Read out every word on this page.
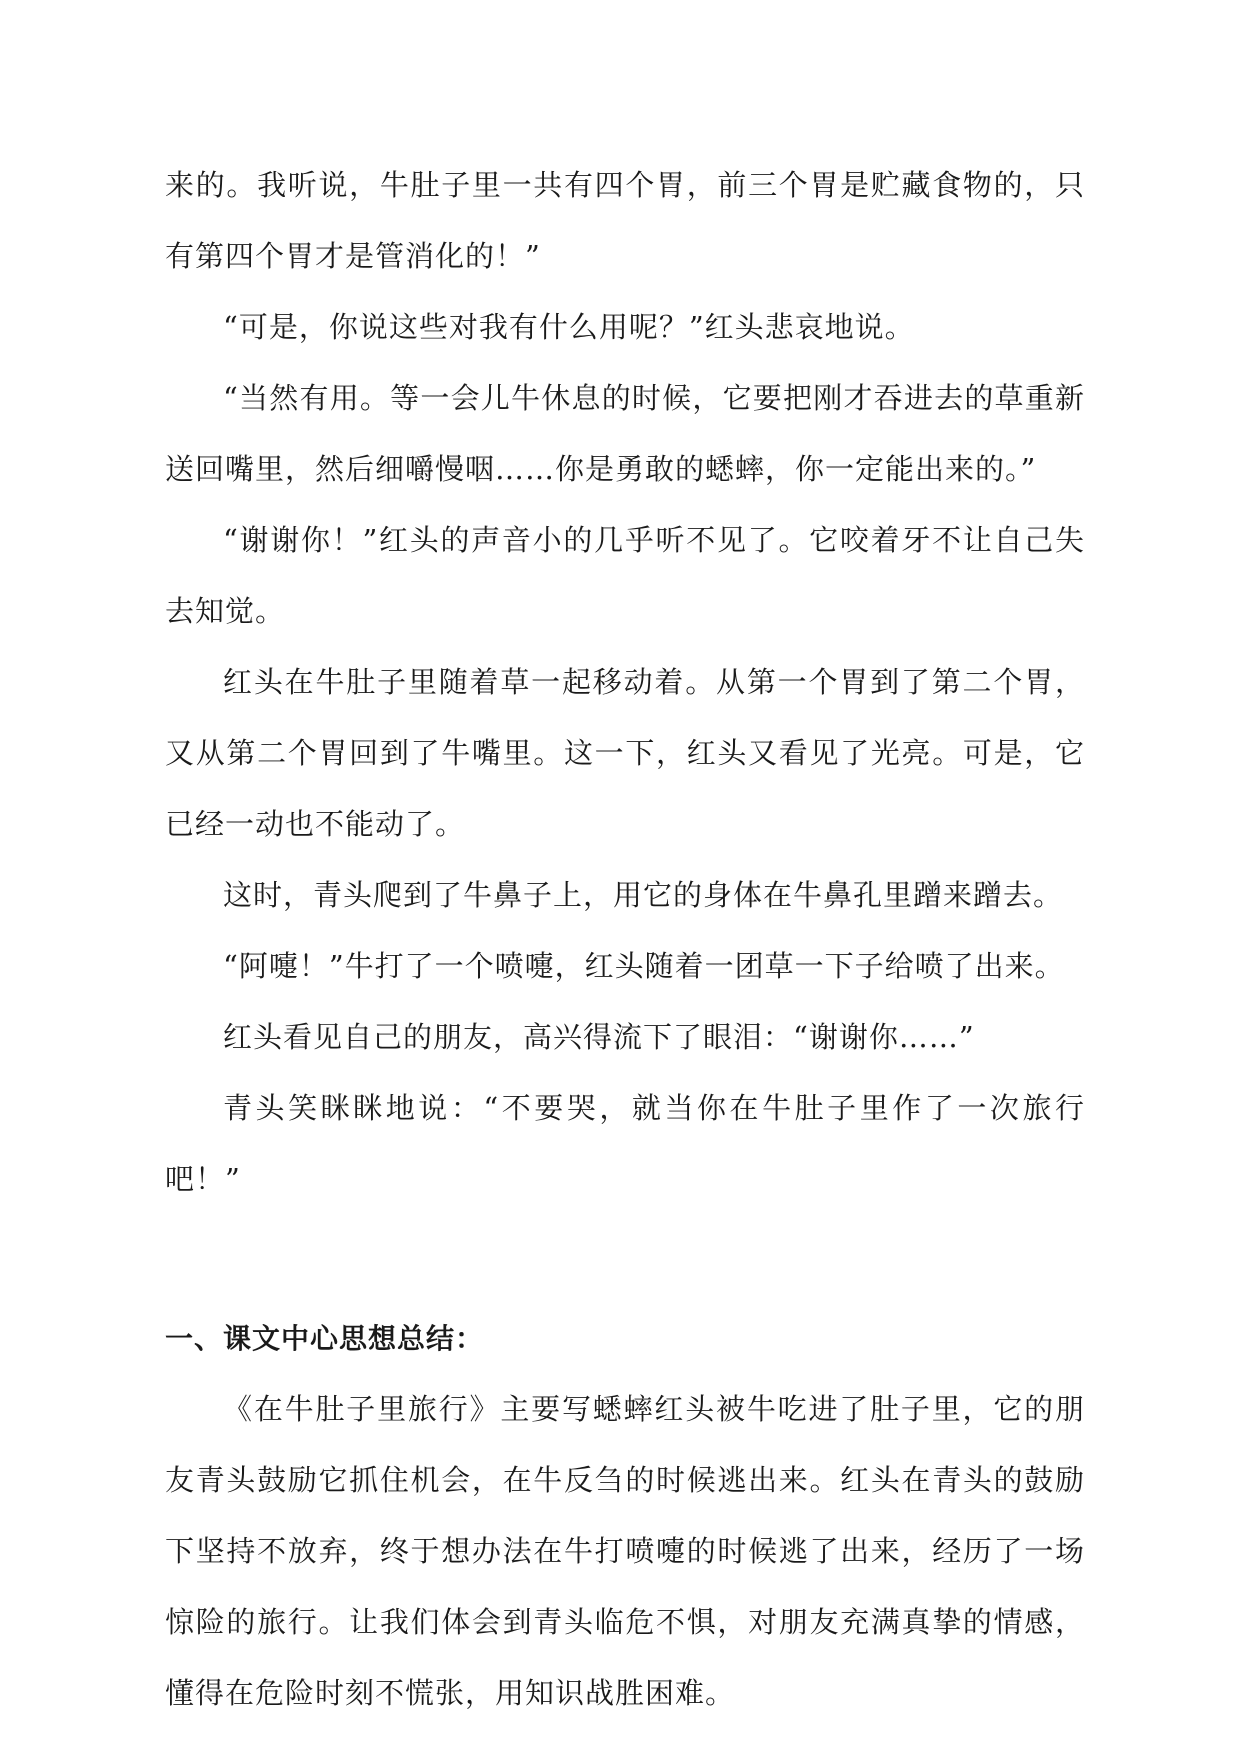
来的。我听说，牛肚子里一共有四个胃，前三个胃是贮藏食物的，只有第四个胃才是管消化的！”

“可是，你说这些对我有什么用呢？”红头悲哀地说。

“当然有用。等一会儿牛休息的时候，它要把刚才吞进去的草重新送回嘴里，然后细嚼慢咽……你是勇敢的蟋蟀，你一定能出来的。”

“谢谢你！”红头的声音小的几乎听不见了。它咬着牙不让自己失去知觉。

红头在牛肚子里随着草一起移动着。从第一个胃到了第二个胃，又从第二个胃回到了牛嘴里。这一下，红头又看见了光亮。可是，它已经一动也不能动了。

这时，青头爬到了牛鼻子上，用它的身体在牛鼻孔里蹭来蹭去。

“阿嚏！”牛打了一个喷嚏，红头随着一团草一下子给喷了出来。

红头看见自己的朋友，高兴得流下了眼泪：“谢谢你……”

青头笑眯眯地说：“不要哭，就当你在牛肚子里作了一次旅行吧！”

一、课文中心思想总结：

《在牛肚子里旅行》主要写蟋蟀红头被牛吃进了肚子里，它的朋友青头鼓励它抓住机会，在牛反刍的时候逃出来。红头在青头的鼓励下坚持不放弃，终于想办法在牛打喷嚏的时候逃了出来，经历了一场惊险的旅行。让我们体会到青头临危不惧，对朋友充满真挚的情感，懂得在危险时刻不慌张，用知识战胜困难。
